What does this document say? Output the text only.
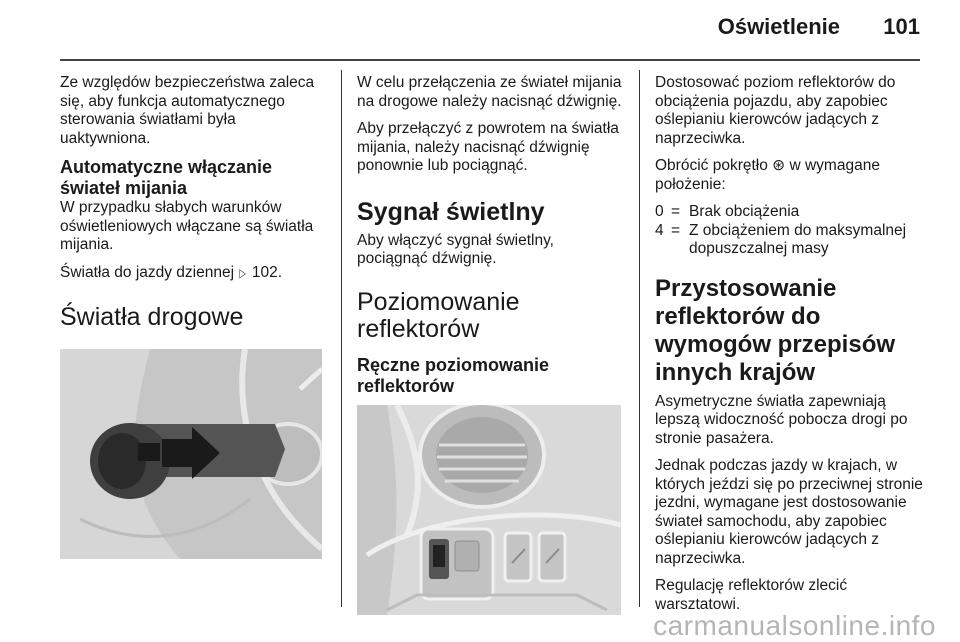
Oświetlenie 101

Ze względów bezpieczeństwa zaleca się, aby funkcja automatycznego sterowania światłami była uaktywniona.

Automatyczne włączanie świateł mijania

W przypadku słabych warunków oświetleniowych włączane są światła mijania.

Światła do jazdy dziennej ▷ 102.

Światła drogowe

W celu przełączenia ze świateł mijania na drogowe należy nacisnąć dźwignię.

Aby przełączyć z powrotem na światła mijania, należy nacisnąć dźwignię ponownie lub pociągnąć.

Sygnał świetlny

Aby włączyć sygnał świetlny, pociągnąć dźwignię.

Poziomowanie reflektorów
Ręczne poziomowanie reflektorów

Dostosować poziom reflektorów do obciążenia pojazdu, aby zapobiec oślepianiu kierowców jadących z naprzeciwka.

Obrócić pokrętło ⊛ w wymagane położenie:

0 = Brak obciążenia
4 = Z obciążeniem do maksymalnej dopuszczalnej masy
Przystosowanie reflektorów do wymogów przepisów innych krajów

Asymetryczne światła zapewniają lepszą widoczność pobocza drogi po stronie pasażera.

Jednak podczas jazdy w krajach, w których jeździ się po przeciwnej stronie jezdni, wymagane jest dostosowanie świateł samochodu, aby zapobiec oślepianiu kierowców jadących z naprzeciwka.

Regulację reflektorów zlecić warsztatowi.

carmanualsonline.info
